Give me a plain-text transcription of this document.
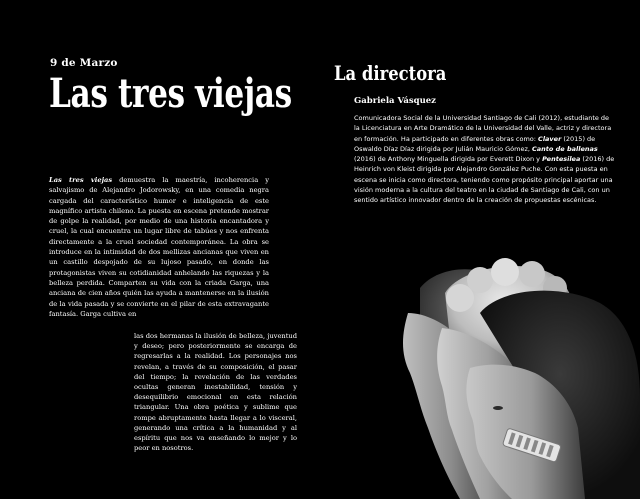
9 de Marzo
Las tres viejas

Las tres viejas demuestra la maestría, incoherencia y salvajismo de Alejandro Jodorowsky, en una comedia negra cargada del característico humor e inteligencia de este magnífico artista chileno. La puesta en escena pretende mostrar de golpe la realidad, por medio de una historia encantadora y cruel, la cual encuentra un lugar libre de tabúes y nos enfrenta directamente a la cruel sociedad contemporánea. La obra se introduce en la intimidad de dos mellizas ancianas que viven en un castillo despojado de su lujoso pasado, en donde las protagonistas viven su cotidianidad anhelando las riquezas y la belleza perdida. Comparten su vida con la criada Garga, una anciana de cien años quién las ayuda a mantenerse en la ilusión de la vida pasada y se convierte en el pilar de esta extravagante fantasía. Garga cultiva en

las dos hermanas la ilusión de belleza, juventud y deseo; pero posteriormente se encarga de regresarlas a la realidad. Los personajes nos revelan, a través de su composición, el pasar del tiempo; la revelación de las verdades ocultas generan inestabilidad, tensión y desequilibrio emocional en esta relación triangular. Una obra poética y sublime que rompe abruptamente hasta llegar a lo visceral, generando una crítica a la humanidad y al espíritu que nos va enseñando lo mejor y lo peor en nosotros.

La directora
Gabriela Vásquez

Comunicadora Social de la Universidad Santiago de Cali (2012), estudiante de la Licenciatura en Arte Dramático de la Universidad del Valle, actriz y directora en formación. Ha participado en diferentes obras como: Claver (2015) de Oswaldo Díaz Díaz dirigida por Julián Mauricio Gómez, Canto de ballenas (2016) de Anthony Minguella dirigida por Everett Dixon y Pentesilea (2016) de Heinrich von Kleist dirigida por Alejandro González Puche. Con esta puesta en escena se inicia como directora, teniendo como propósito principal aportar una visión moderna a la cultura del teatro en la ciudad de Santiago de Cali, con un sentido artístico innovador dentro de la creación de propuestas escénicas.
